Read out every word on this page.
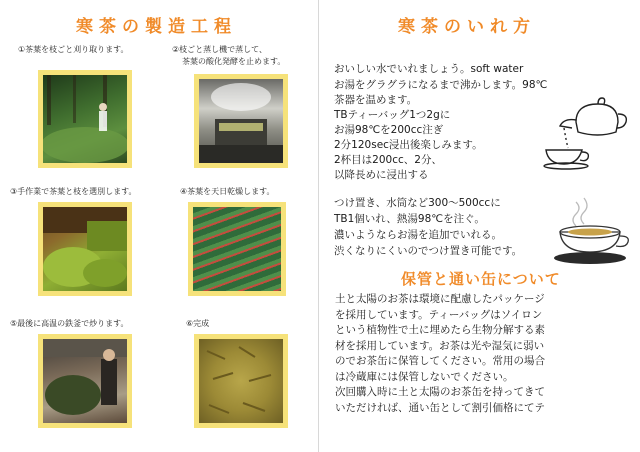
寒茶の製造工程
①茶葉を枝ごと刈り取ります。	②枝ごと蒸し機で蒸して、
茶葉の酸化発酵を止めます。
③手作業で茶葉と枝を選別します。	④茶葉を天日乾燥します。
⑤最後に高温の鉄釜で炒ります。	⑥完成
寒茶のいれ方
おいしい水でいれましょう。soft water
お湯をグラグラになるまで沸かします。98℃
茶器を温めます。
TBティーバッグ1つ2gに
お湯98℃を200cc注ぎ
2分120sec浸出後楽しみます。
2杯目は200cc、2分、
以降長めに浸出する
つけ置き、水筒など300～500ccに
TB1個いれ、熱湯98℃を注ぐ。
濃いようならお湯を追加でいれる。
渋くなりにくいのでつけ置き可能です。
保管と通い缶について
土と太陽のお茶は環境に配慮したパッケージ
を採用しています。ティーバッグはソイロン
という植物性で土に埋めたら生物分解する素
材を採用しています。お茶は光や湿気に弱い
のでお茶缶に保管してください。常用の場合
は冷蔵庫には保管しないでください。
次回購入時に土と太陽のお茶缶を持ってきて
いただければ、通い缶として割引価格にてテ
